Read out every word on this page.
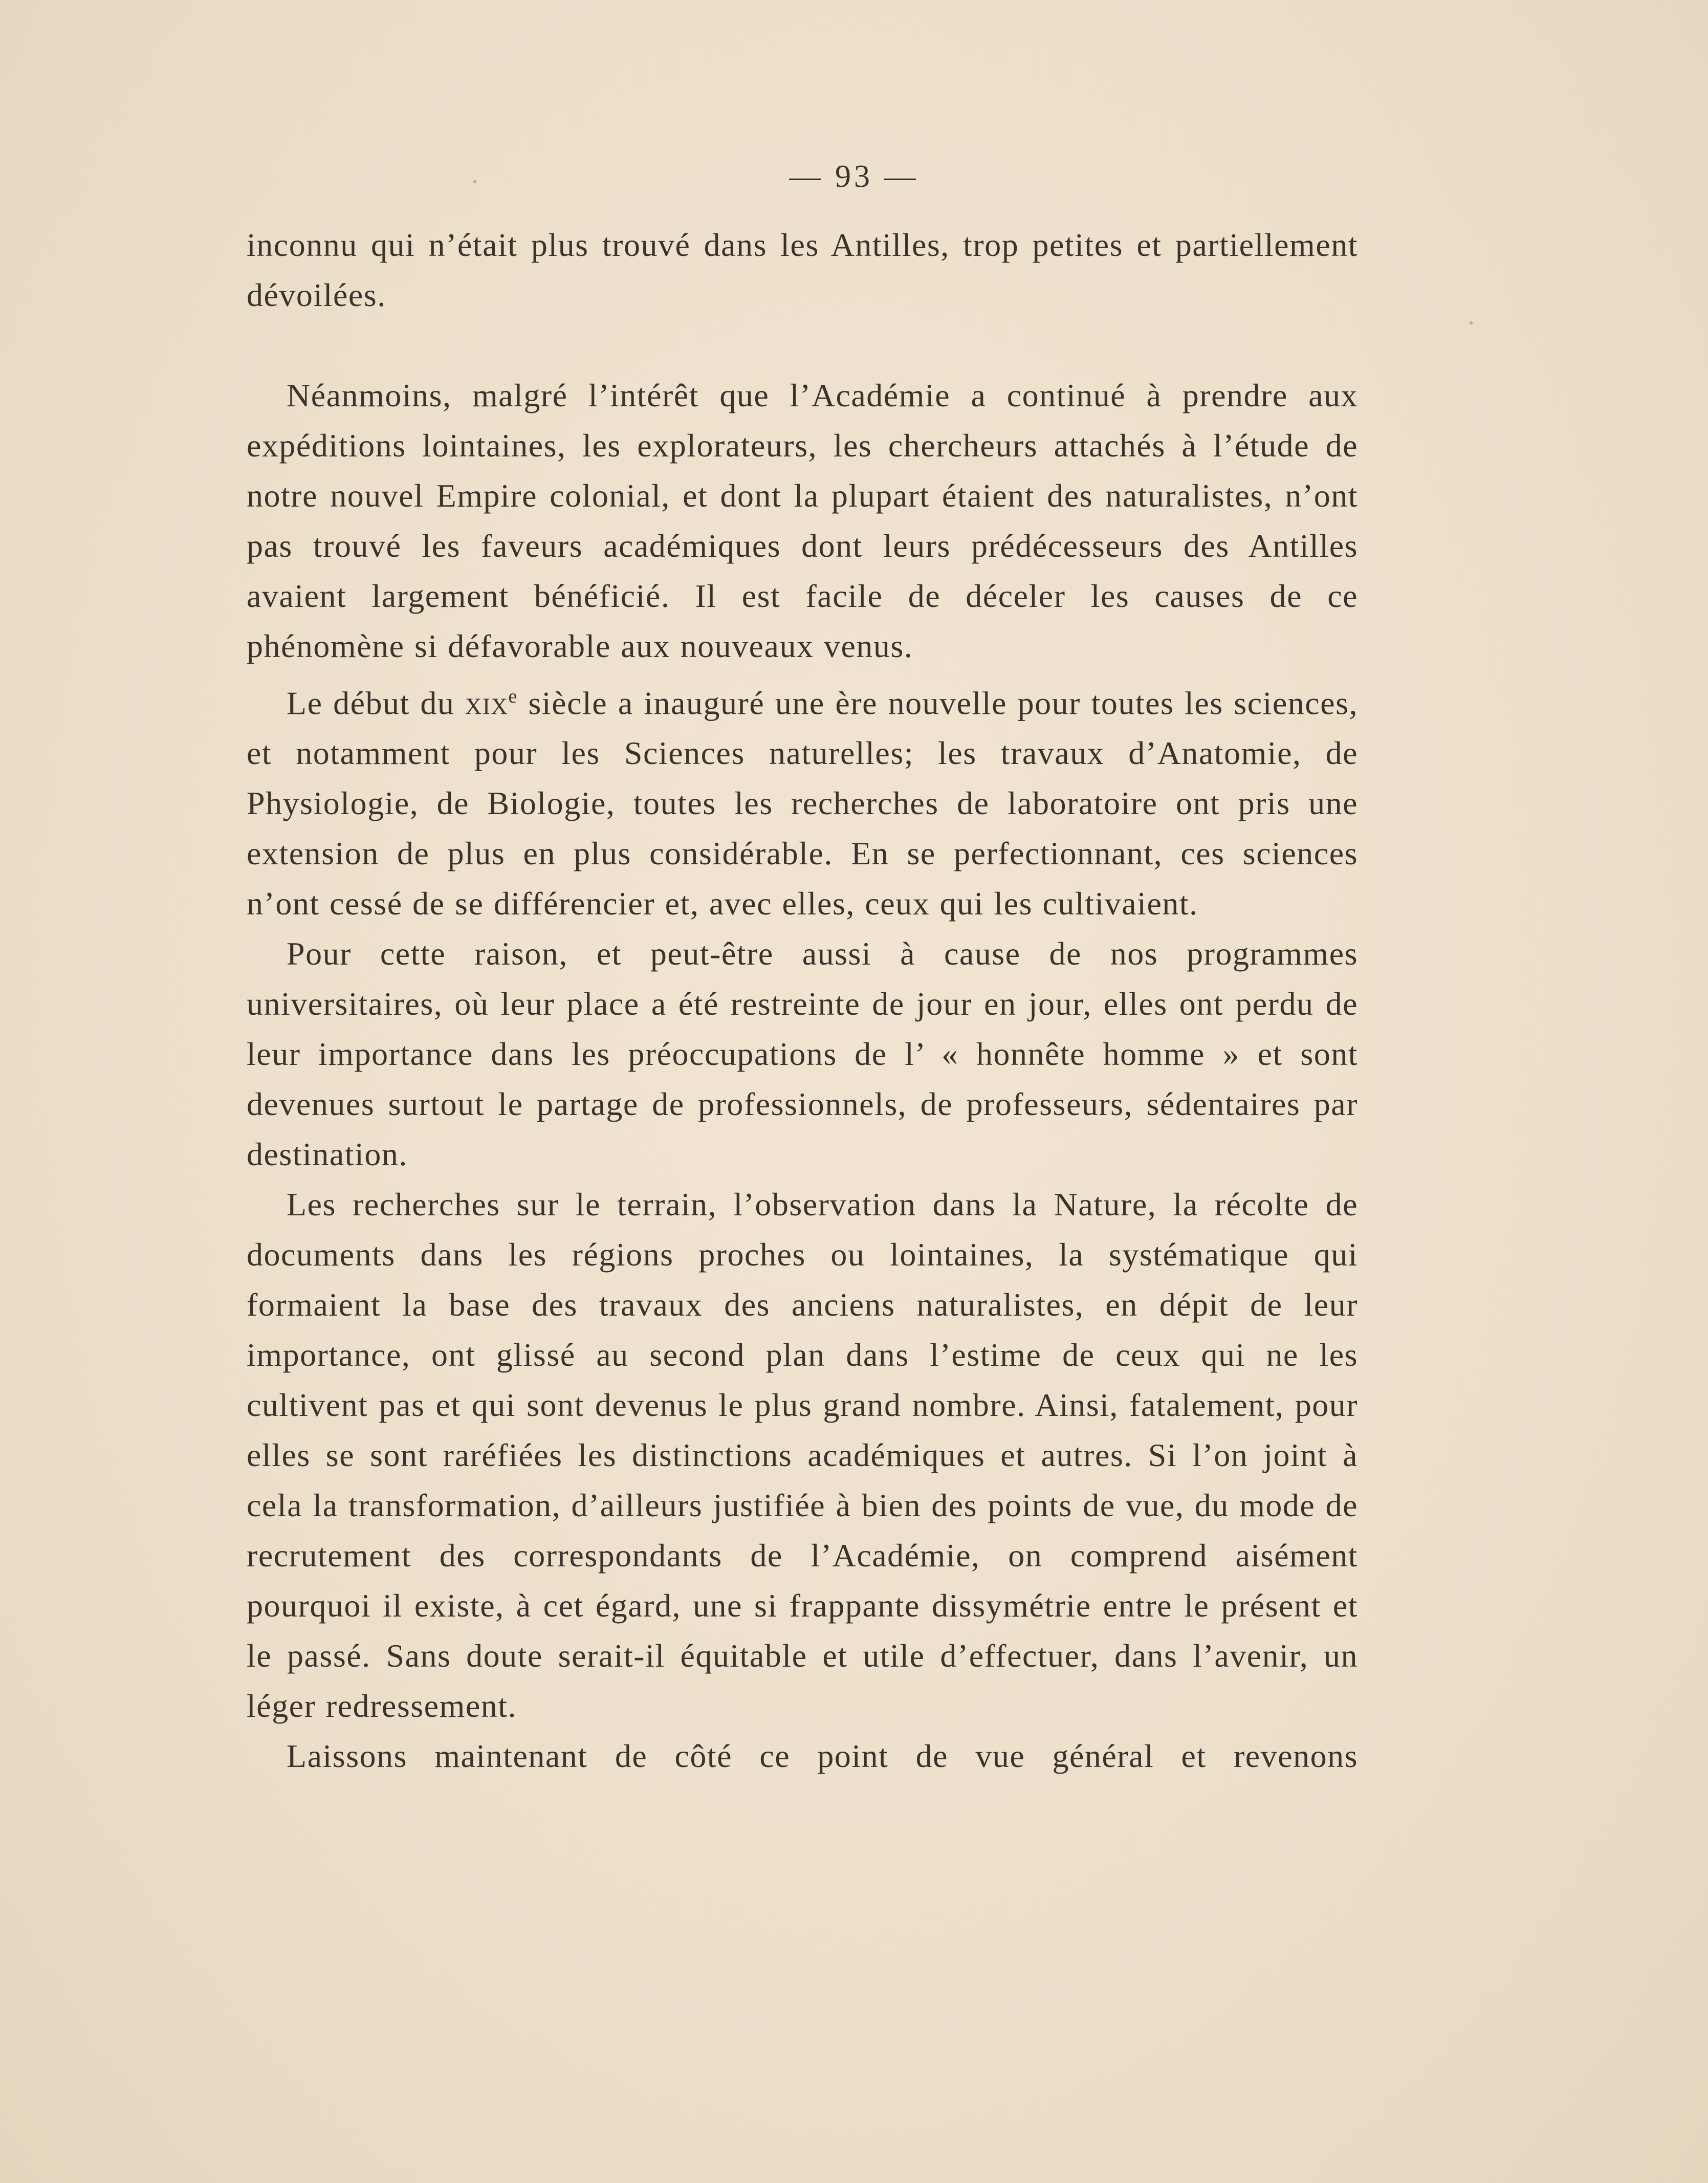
— 93 —

inconnu qui n’était plus trouvé dans les Antilles, trop petites et partiellement dévoilées.

Néanmoins, malgré l’intérêt que l’Académie a continué à prendre aux expéditions lointaines, les explorateurs, les chercheurs attachés à l’étude de notre nouvel Empire colonial, et dont la plupart étaient des naturalistes, n’ont pas trouvé les faveurs académiques dont leurs prédécesseurs des Antilles avaient largement bénéficié. Il est facile de déceler les causes de ce phénomène si défavorable aux nouveaux venus.

Le début du xix$^e$ siècle a inauguré une ère nouvelle pour toutes les sciences, et notamment pour les Sciences naturelles; les travaux d’Anatomie, de Physiologie, de Biologie, toutes les recherches de laboratoire ont pris une extension de plus en plus considérable. En se perfectionnant, ces sciences n’ont cessé de se différencier et, avec elles, ceux qui les cultivaient.

Pour cette raison, et peut-être aussi à cause de nos programmes universitaires, où leur place a été restreinte de jour en jour, elles ont perdu de leur importance dans les préoccupations de l’ « honnête homme » et sont devenues surtout le partage de professionnels, de professeurs, sédentaires par destination.

Les recherches sur le terrain, l’observation dans la Nature, la récolte de documents dans les régions proches ou lointaines, la systématique qui formaient la base des travaux des anciens naturalistes, en dépit de leur importance, ont glissé au second plan dans l’estime de ceux qui ne les cultivent pas et qui sont devenus le plus grand nombre. Ainsi, fatalement, pour elles se sont raréfiées les distinctions académiques et autres. Si l’on joint à cela la transformation, d’ailleurs justifiée à bien des points de vue, du mode de recrutement des correspondants de l’Académie, on comprend aisément pourquoi il existe, à cet égard, une si frappante dissymétrie entre le présent et le passé. Sans doute serait-il équitable et utile d’effectuer, dans l’avenir, un léger redressement.

Laissons maintenant de côté ce point de vue général et revenons
